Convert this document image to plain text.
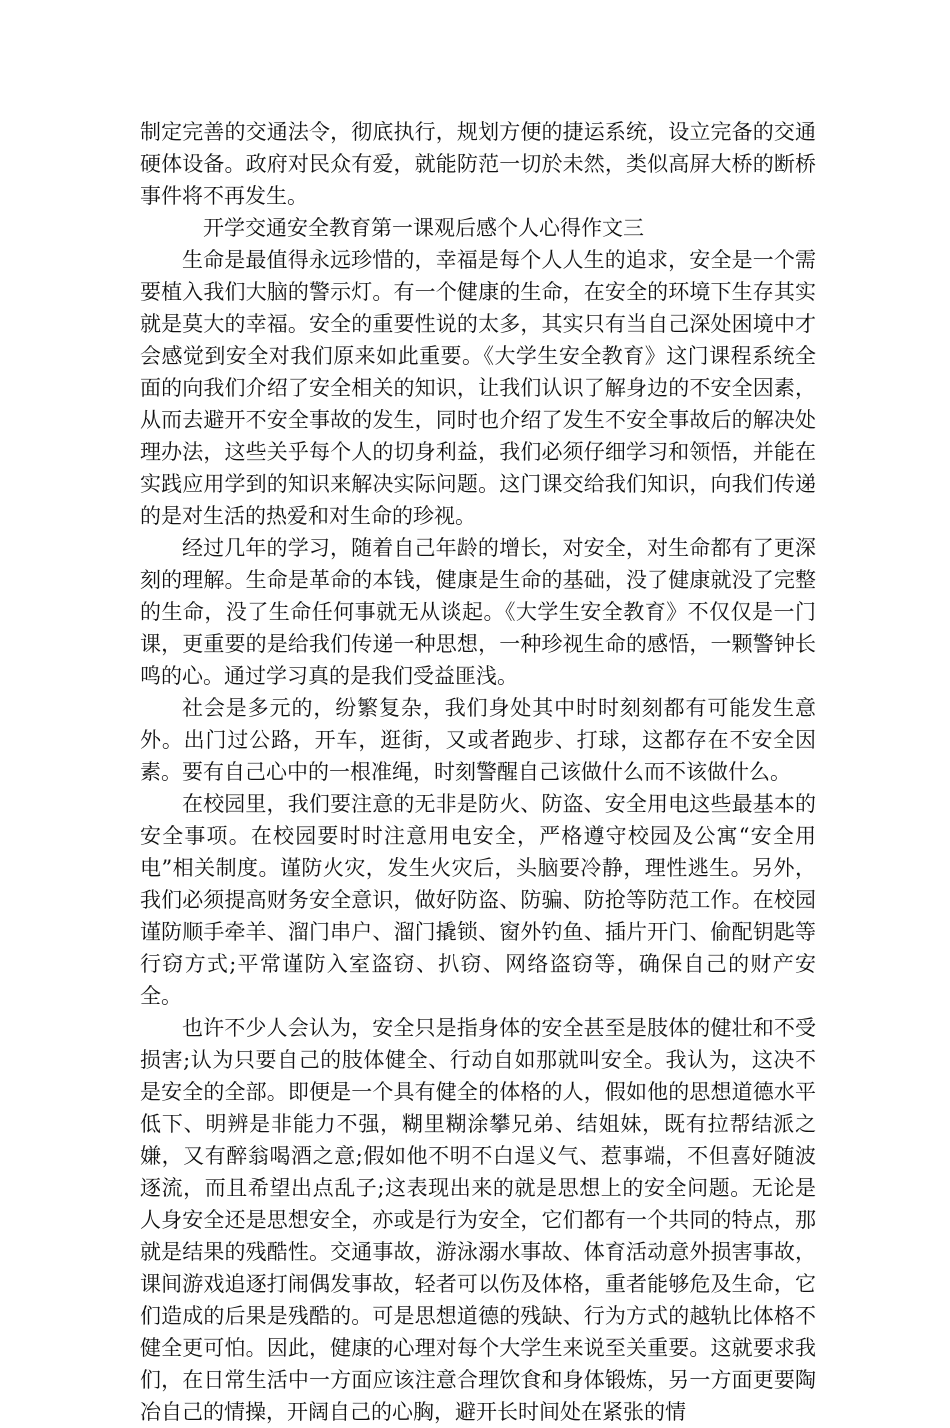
制定完善的交通法令，彻底执行，规划方便的捷运系统，设立完备的交通硬体设备。政府对民众有爱，就能防范一切於未然，类似高屏大桥的断桥事件将不再发生。

开学交通安全教育第一课观后感个人心得作文三

生命是最值得永远珍惜的，幸福是每个人人生的追求，安全是一个需要植入我们大脑的警示灯。有一个健康的生命，在安全的环境下生存其实就是莫大的幸福。安全的重要性说的太多，其实只有当自己深处困境中才会感觉到安全对我们原来如此重要。《大学生安全教育》这门课程系统全面的向我们介绍了安全相关的知识，让我们认识了解身边的不安全因素，从而去避开不安全事故的发生，同时也介绍了发生不安全事故后的解决处理办法，这些关乎每个人的切身利益，我们必须仔细学习和领悟，并能在实践应用学到的知识来解决实际问题。这门课交给我们知识，向我们传递的是对生活的热爱和对生命的珍视。

经过几年的学习，随着自己年龄的增长，对安全，对生命都有了更深刻的理解。生命是革命的本钱，健康是生命的基础，没了健康就没了完整的生命，没了生命任何事就无从谈起。《大学生安全教育》不仅仅是一门课，更重要的是给我们传递一种思想，一种珍视生命的感悟，一颗警钟长鸣的心。通过学习真的是我们受益匪浅。

社会是多元的，纷繁复杂，我们身处其中时时刻刻都有可能发生意外。出门过公路，开车，逛街，又或者跑步、打球，这都存在不安全因素。要有自己心中的一根准绳，时刻警醒自己该做什么而不该做什么。

在校园里，我们要注意的无非是防火、防盗、安全用电这些最基本的安全事项。在校园要时时注意用电安全，严格遵守校园及公寓“安全用电”相关制度。谨防火灾，发生火灾后，头脑要冷静，理性逃生。另外，我们必须提高财务安全意识，做好防盗、防骗、防抢等防范工作。在校园谨防顺手牵羊、溜门串户、溜门撬锁、窗外钓鱼、插片开门、偷配钥匙等行窃方式;平常谨防入室盗窃、扒窃、网络盗窃等，确保自己的财产安全。

也许不少人会认为，安全只是指身体的安全甚至是肢体的健壮和不受损害;认为只要自己的肢体健全、行动自如那就叫安全。我认为，这决不是安全的全部。即便是一个具有健全的体格的人，假如他的思想道德水平低下、明辨是非能力不强，糊里糊涂攀兄弟、结姐妹，既有拉帮结派之嫌，又有醉翁喝酒之意;假如他不明不白逞义气、惹事端，不但喜好随波逐流，而且希望出点乱子;这表现出来的就是思想上的安全问题。无论是人身安全还是思想安全，亦或是行为安全，它们都有一个共同的特点，那就是结果的残酷性。交通事故，游泳溺水事故、体育活动意外损害事故，课间游戏追逐打闹偶发事故，轻者可以伤及体格，重者能够危及生命，它们造成的后果是残酷的。可是思想道德的残缺、行为方式的越轨比体格不健全更可怕。因此，健康的心理对每个大学生来说至关重要。这就要求我们，在日常生活中一方面应该注意合理饮食和身体锻炼，另一方面更要陶冶自己的情操，开阔自己的心胸，避开长时间处在紧张的情
